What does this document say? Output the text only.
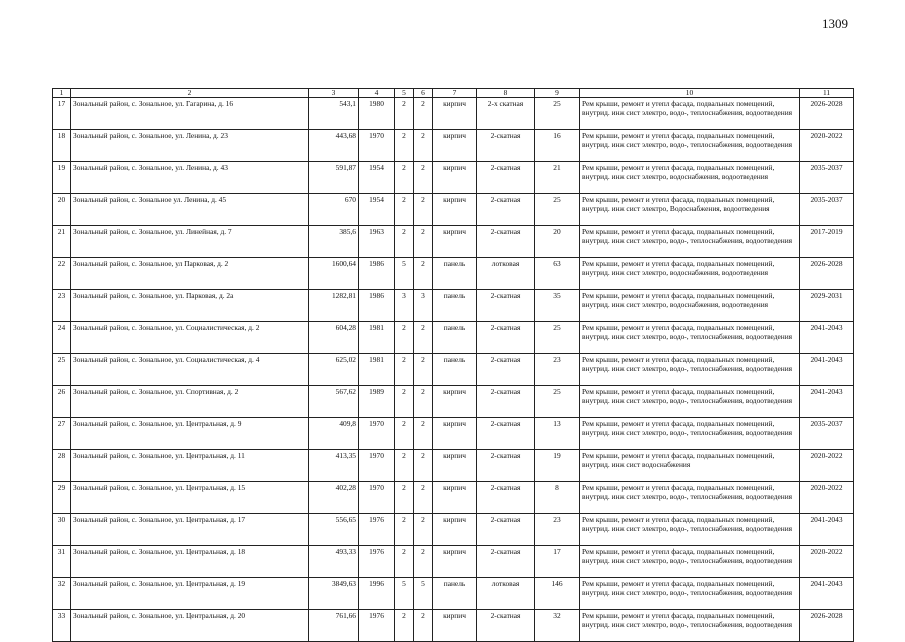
1309
1	2	3	4	5	6	7	8	9	10	11
17	Зональный район, с. Зональное, ул. Гагарина, д. 16	543,1	1980	2	2	кирпич	2-х скатная	25	Рем крыши, ремонт и утепл фасада, подвальных помещений, внутрид. инж сист электро, водо-, теплоснабжения, водоотведения	2026-2028
18	Зональный район, с. Зональное, ул. Ленина, д. 23	443,68	1970	2	2	кирпич	2-скатная	16	Рем крыши, ремонт и утепл фасада, подвальных помещений, внутрид. инж сист электро, водо-, теплоснабжения, водоотведения	2020-2022
19	Зональный район, с. Зональное, ул. Ленина, д. 43	591,87	1954	2	2	кирпич	2-скатная	21	Рем крыши, ремонт и утепл фасада, подвальных помещений, внутрид. инж сист электро, водоснабжения, водоотведения	2035-2037
20	Зональный район, с. Зональное ул. Ленина, д. 45	670	1954	2	2	кирпич	2-скатная	25	Рем крыши, ремонт и утепл фасада, подвальных помещений, внутрид. инж сист электро, Водоснабжения, водоотведения	2035-2037
21	Зональный район, с. Зональное, ул. Линейная, д. 7	385,6	1963	2	2	кирпич	2-скатная	20	Рем крыши, ремонт и утепл фасада, подвальных помещений, внутрид. инж сист электро, водо-, теплоснабжения, водоотведения	2017-2019
22	Зональный район, с. Зональное, ул Парковая, д. 2	1600,64	1986	5	2	панель	лотковая	63	Рем крыши, ремонт и утепл фасада, подвальных помещений, внутрид. инж сист электро, водоснабжения, водоотведения	2026-2028
23	Зональный район, с. Зональное, ул. Парковая, д. 2а	1282,81	1986	3	3	панель	2-скатная	35	Рем крыши, ремонт и утепл фасада, подвальных помещений, внутрид. инж сист электро, водоснабжения, водоотведения	2029-2031
24	Зональный район, с. Зональное, ул. Социалистическая, д. 2	604,28	1981	2	2	панель	2-скатная	25	Рем крыши, ремонт и утепл фасада, подвальных помещений, внутрид. инж сист электро, водо-, теплоснабжения, водоотведения	2041-2043
25	Зональный район, с. Зональное, ул. Социалистическая, д. 4	625,02	1981	2	2	панель	2-скатная	23	Рем крыши, ремонт и утепл фасада, подвальных помещений, внутрид. инж сист электро, водо-, теплоснабжения, водоотведения	2041-2043
26	Зональный район, с. Зональное, ул. Спортивная, д. 2	567,62	1989	2	2	кирпич	2-скатная	25	Рем крыши, ремонт и утепл фасада, подвальных помещений, внутрид. инж сист электро, водо-, теплоснабжения, водоотведения	2041-2043
27	Зональный район, с. Зональное, ул. Центральная, д. 9	409,8	1970	2	2	кирпич	2-скатная	13	Рем крыши, ремонт и утепл фасада, подвальных помещений, внутрид. инж сист электро, водо-, теплоснабжения, водоотведения	2035-2037
28	Зональный район, с. Зональное, ул. Центральная, д. 11	413,35	1970	2	2	кирпич	2-скатная	19	Рем крыши, ремонт и утепл фасада, подвальных помещений, внутрид. инж сист водоснабжения	2020-2022
29	Зональный район, с. Зональное, ул. Центральная, д. 15	402,28	1970	2	2	кирпич	2-скатная	8	Рем крыши, ремонт и утепл фасада, подвальных помещений, внутрид. инж сист электро, водо-, теплоснабжения, водоотведения	2020-2022
30	Зональный район, с. Зональное, ул. Центральная, д. 17	556,65	1976	2	2	кирпич	2-скатная	23	Рем крыши, ремонт и утепл фасада, подвальных помещений, внутрид. инж сист электро, водо-, теплоснабжения, водоотведения	2041-2043
31	Зональный район, с. Зональное, ул. Центральная, д. 18	493,33	1976	2	2	кирпич	2-скатная	17	Рем крыши, ремонт и утепл фасада, подвальных помещений, внутрид. инж сист электро, водо-, теплоснабжения, водоотведения	2020-2022
32	Зональный район, с. Зональное, ул. Центральная, д. 19	3849,63	1996	5	5	панель	лотковая	146	Рем крыши, ремонт и утепл фасада, подвальных помещений, внутрид. инж сист электро, водо-, теплоснабжения, водоотведения	2041-2043
33	Зональный район, с. Зональное, ул. Центральная, д. 20	761,66	1976	2	2	кирпич	2-скатная	32	Рем крыши, ремонт и утепл фасада, подвальных помещений, внутрид. инж сист электро, водо-, теплоснабжения, водоотведения	2026-2028
